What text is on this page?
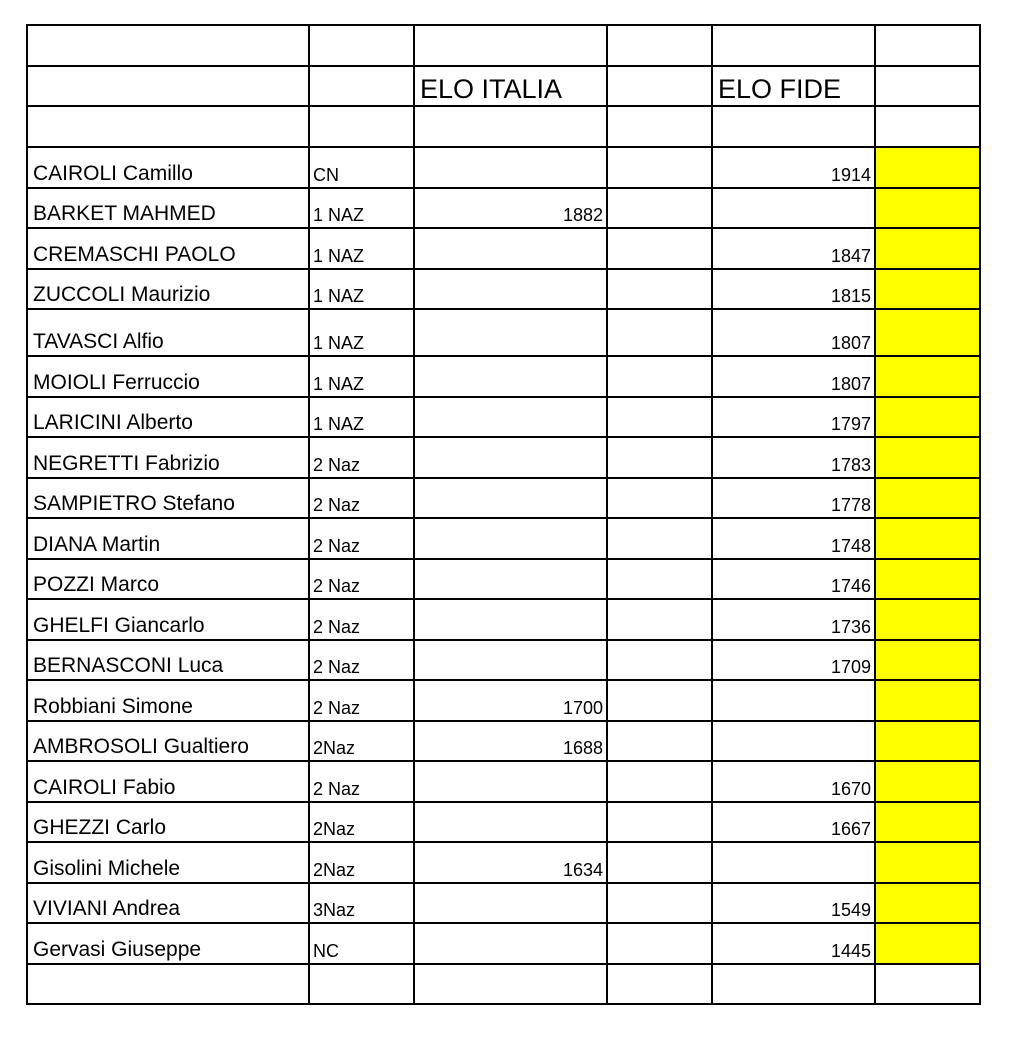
		ELO ITALIA		ELO FIDE	

CAIROLI Camillo	CN			1914	
BARKET MAHMED	1 NAZ	1882			
CREMASCHI PAOLO	1 NAZ			1847	
ZUCCOLI Maurizio	1 NAZ			1815	
TAVASCI Alfio	1 NAZ			1807	
MOIOLI Ferruccio	1 NAZ			1807	
LARICINI Alberto	1 NAZ			1797	
NEGRETTI Fabrizio	2 Naz			1783	
SAMPIETRO Stefano	2 Naz			1778	
DIANA Martin	2 Naz			1748	
POZZI Marco	2 Naz			1746	
GHELFI Giancarlo	2 Naz			1736	
BERNASCONI Luca	2 Naz			1709	
Robbiani Simone	2 Naz	1700			
AMBROSOLI Gualtiero	2Naz	1688			
CAIROLI Fabio	2 Naz			1670	
GHEZZI Carlo	2Naz			1667	
Gisolini Michele	2Naz	1634			
VIVIANI Andrea	3Naz			1549	
Gervasi Giuseppe	NC			1445	
